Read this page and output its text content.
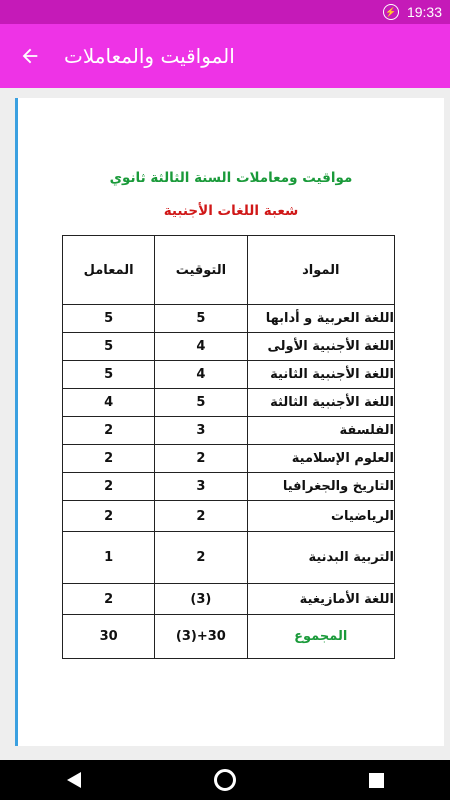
⚡ 19:33
المواقيت والمعاملات
مواقيت ومعاملات السنة الثالثة ثانوي
شعبة اللغات الأجنبية
المواد	التوقيت	المعامل
اللغة العربية و أدابها	5	5
اللغة الأجنبية الأولى	4	5
اللغة الأجنبية الثانية	4	5
اللغة الأجنبية الثالثة	5	4
الفلسفة	3	2
العلوم الإسلامية	2	2
التاريخ والجغرافيا	3	2
الرياضيات	2	2
التربية البدنية	2	1
اللغة الأمازيغية	(3)	2
المجموع	30+(3)	30
